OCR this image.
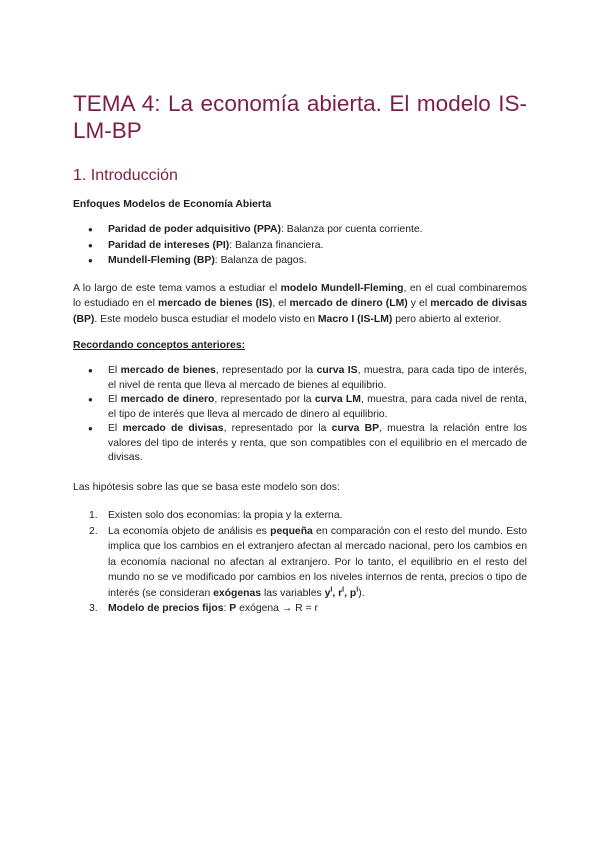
TEMA 4: La economía abierta. El modelo IS-LM-BP
1. Introducción
Enfoques Modelos de Economía Abierta
● Paridad de poder adquisitivo (PPA): Balanza por cuenta corriente.
● Paridad de intereses (PI): Balanza financiera.
● Mundell-Fleming (BP): Balanza de pagos.

A lo largo de este tema vamos a estudiar el modelo Mundell-Fleming, en el cual combinaremos lo estudiado en el mercado de bienes (IS), el mercado de dinero (LM) y el mercado de divisas (BP). Este modelo busca estudiar el modelo visto en Macro I (IS-LM) pero abierto al exterior.

Recordando conceptos anteriores:
● El mercado de bienes, representado por la curva IS, muestra, para cada tipo de interés, el nivel de renta que lleva al mercado de bienes al equilibrio.
● El mercado de dinero, representado por la curva LM, muestra, para cada nivel de renta, el tipo de interés que lleva al mercado de dinero al equilibrio.
● El mercado de divisas, representado por la curva BP, muestra la relación entre los valores del tipo de interés y renta, que son compatibles con el equilibrio en el mercado de divisas.

Las hipótesis sobre las que se basa este modelo son dos:

1. Existen solo dos economías: la propia y la externa.
2. La economía objeto de análisis es pequeña en comparación con el resto del mundo. Esto implica que los cambios en el extranjero afectan al mercado nacional, pero los cambios en la economía nacional no afectan al extranjero. Por lo tanto, el equilibrio en el resto del mundo no se ve modificado por cambios en los niveles internos de renta, precios o tipo de interés (se consideran exógenas las variables $y^I$, $r^I$, $p^I$).
3. Modelo de precios fijos: P exógena → R = r
